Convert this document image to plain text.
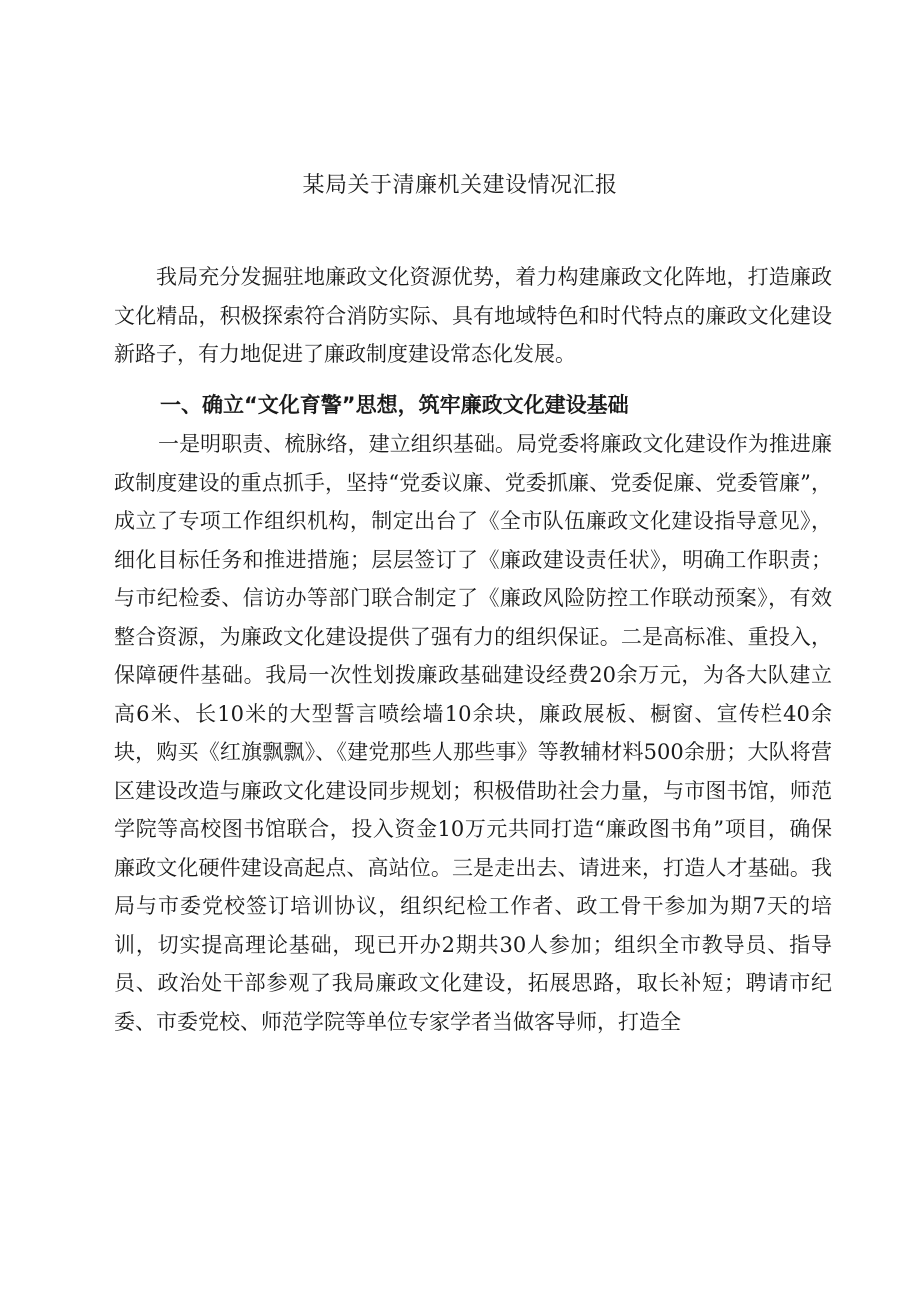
某局关于清廉机关建设情况汇报

我局充分发掘驻地廉政文化资源优势，着力构建廉政文化阵地，打造廉政文化精品，积极探索符合消防实际、具有地域特色和时代特点的廉政文化建设新路子，有力地促进了廉政制度建设常态化发展。

一、确立“文化育警”思想，筑牢廉政文化建设基础

一是明职责、梳脉络，建立组织基础。局党委将廉政文化建设作为推进廉政制度建设的重点抓手，坚持“党委议廉、党委抓廉、党委促廉、党委管廉”，成立了专项工作组织机构，制定出台了《全市队伍廉政文化建设指导意见》，细化目标任务和推进措施；层层签订了《廉政建设责任状》，明确工作职责；与市纪检委、信访办等部门联合制定了《廉政风险防控工作联动预案》，有效整合资源，为廉政文化建设提供了强有力的组织保证。二是高标准、重投入，保障硬件基础。我局一次性划拨廉政基础建设经费20余万元，为各大队建立高6米、长10米的大型誓言喷绘墙10余块，廉政展板、橱窗、宣传栏40余块，购买《红旗飘飘》、《建党那些人那些事》等教辅材料500余册；大队将营区建设改造与廉政文化建设同步规划；积极借助社会力量，与市图书馆，师范学院等高校图书馆联合，投入资金10万元共同打造“廉政图书角”项目，确保廉政文化硬件建设高起点、高站位。三是走出去、请进来，打造人才基础。我局与市委党校签订培训协议，组织纪检工作者、政工骨干参加为期7天的培训，切实提高理论基础，现已开办2期共30人参加；组织全市教导员、指导员、政治处干部参观了我局廉政文化建设，拓展思路，取长补短；聘请市纪委、市委党校、师范学院等单位专家学者当做客导师，打造全
